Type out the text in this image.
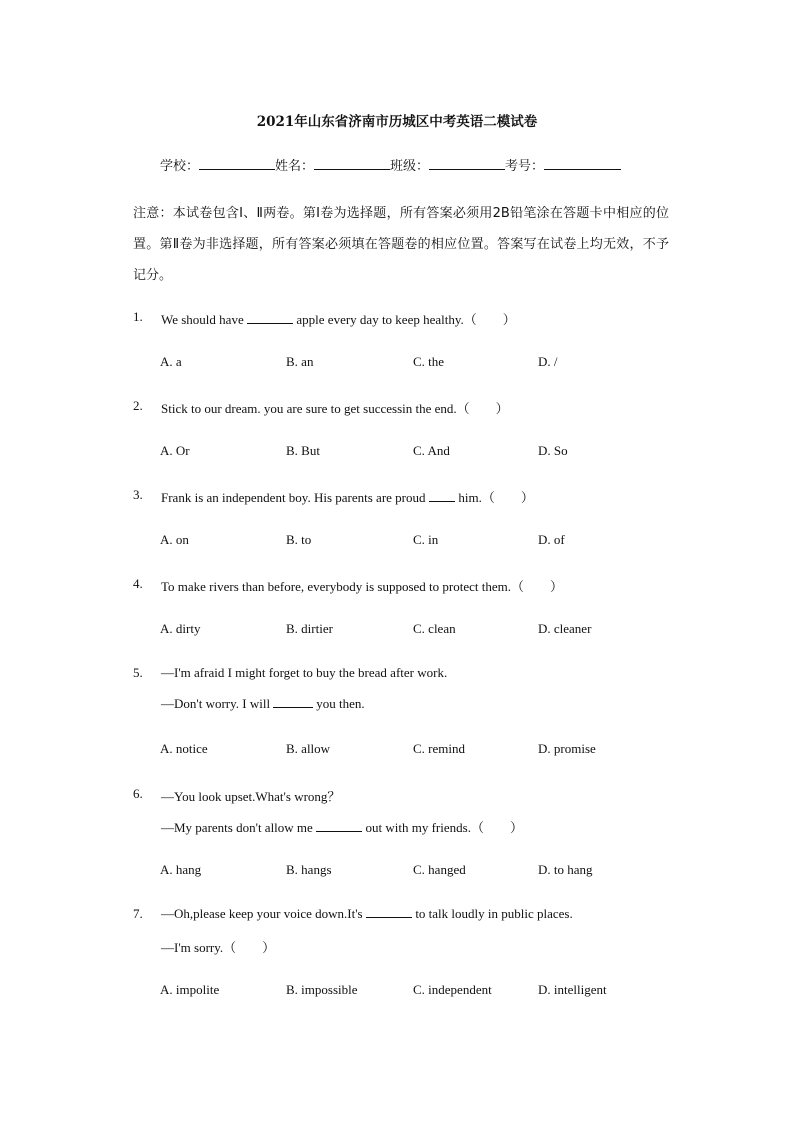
2021年山东省济南市历城区中考英语二模试卷
学校：	姓名：	班级：	考号：
注意：本试卷包含Ⅰ、Ⅱ两卷。第Ⅰ卷为选择题，所有答案必须用2B铅笔涂在答题卡中相应的位置。第Ⅱ卷为非选择题，所有答案必须填在答题卷的相应位置。答案写在试卷上均无效，不予记分。
1.	We should have	apple every day to keep healthy.（　　）
A. a	B. an	C. the	D. /
2.	Stick to our dream. you are sure to get successin the end.（　　）
A. Or	B. But	C. And	D. So
3.	Frank is an independent boy. His parents are proud  him.（　　）
A. on	B. to	C. in	D. of
4.	To make rivers than before, everybody is supposed to protect them.（　　）
A. dirty	B. dirtier	C. clean	D. cleaner
5.	—I'm afraid I might forget to buy the bread after work.
—Don't worry. I will	you then.
A. notice	B. allow	C. remind	D. promise
6.	—You look upset.What's wrong？
—My parents don't allow me	out with my friends.（　　）
A. hang	B. hangs	C. hanged	D. to hang
7.	—Oh,please keep your voice down.It's	to talk loudly in public places.
—I'm sorry.（　　）
A. impolite	B. impossible	C. independent	D. intelligent
